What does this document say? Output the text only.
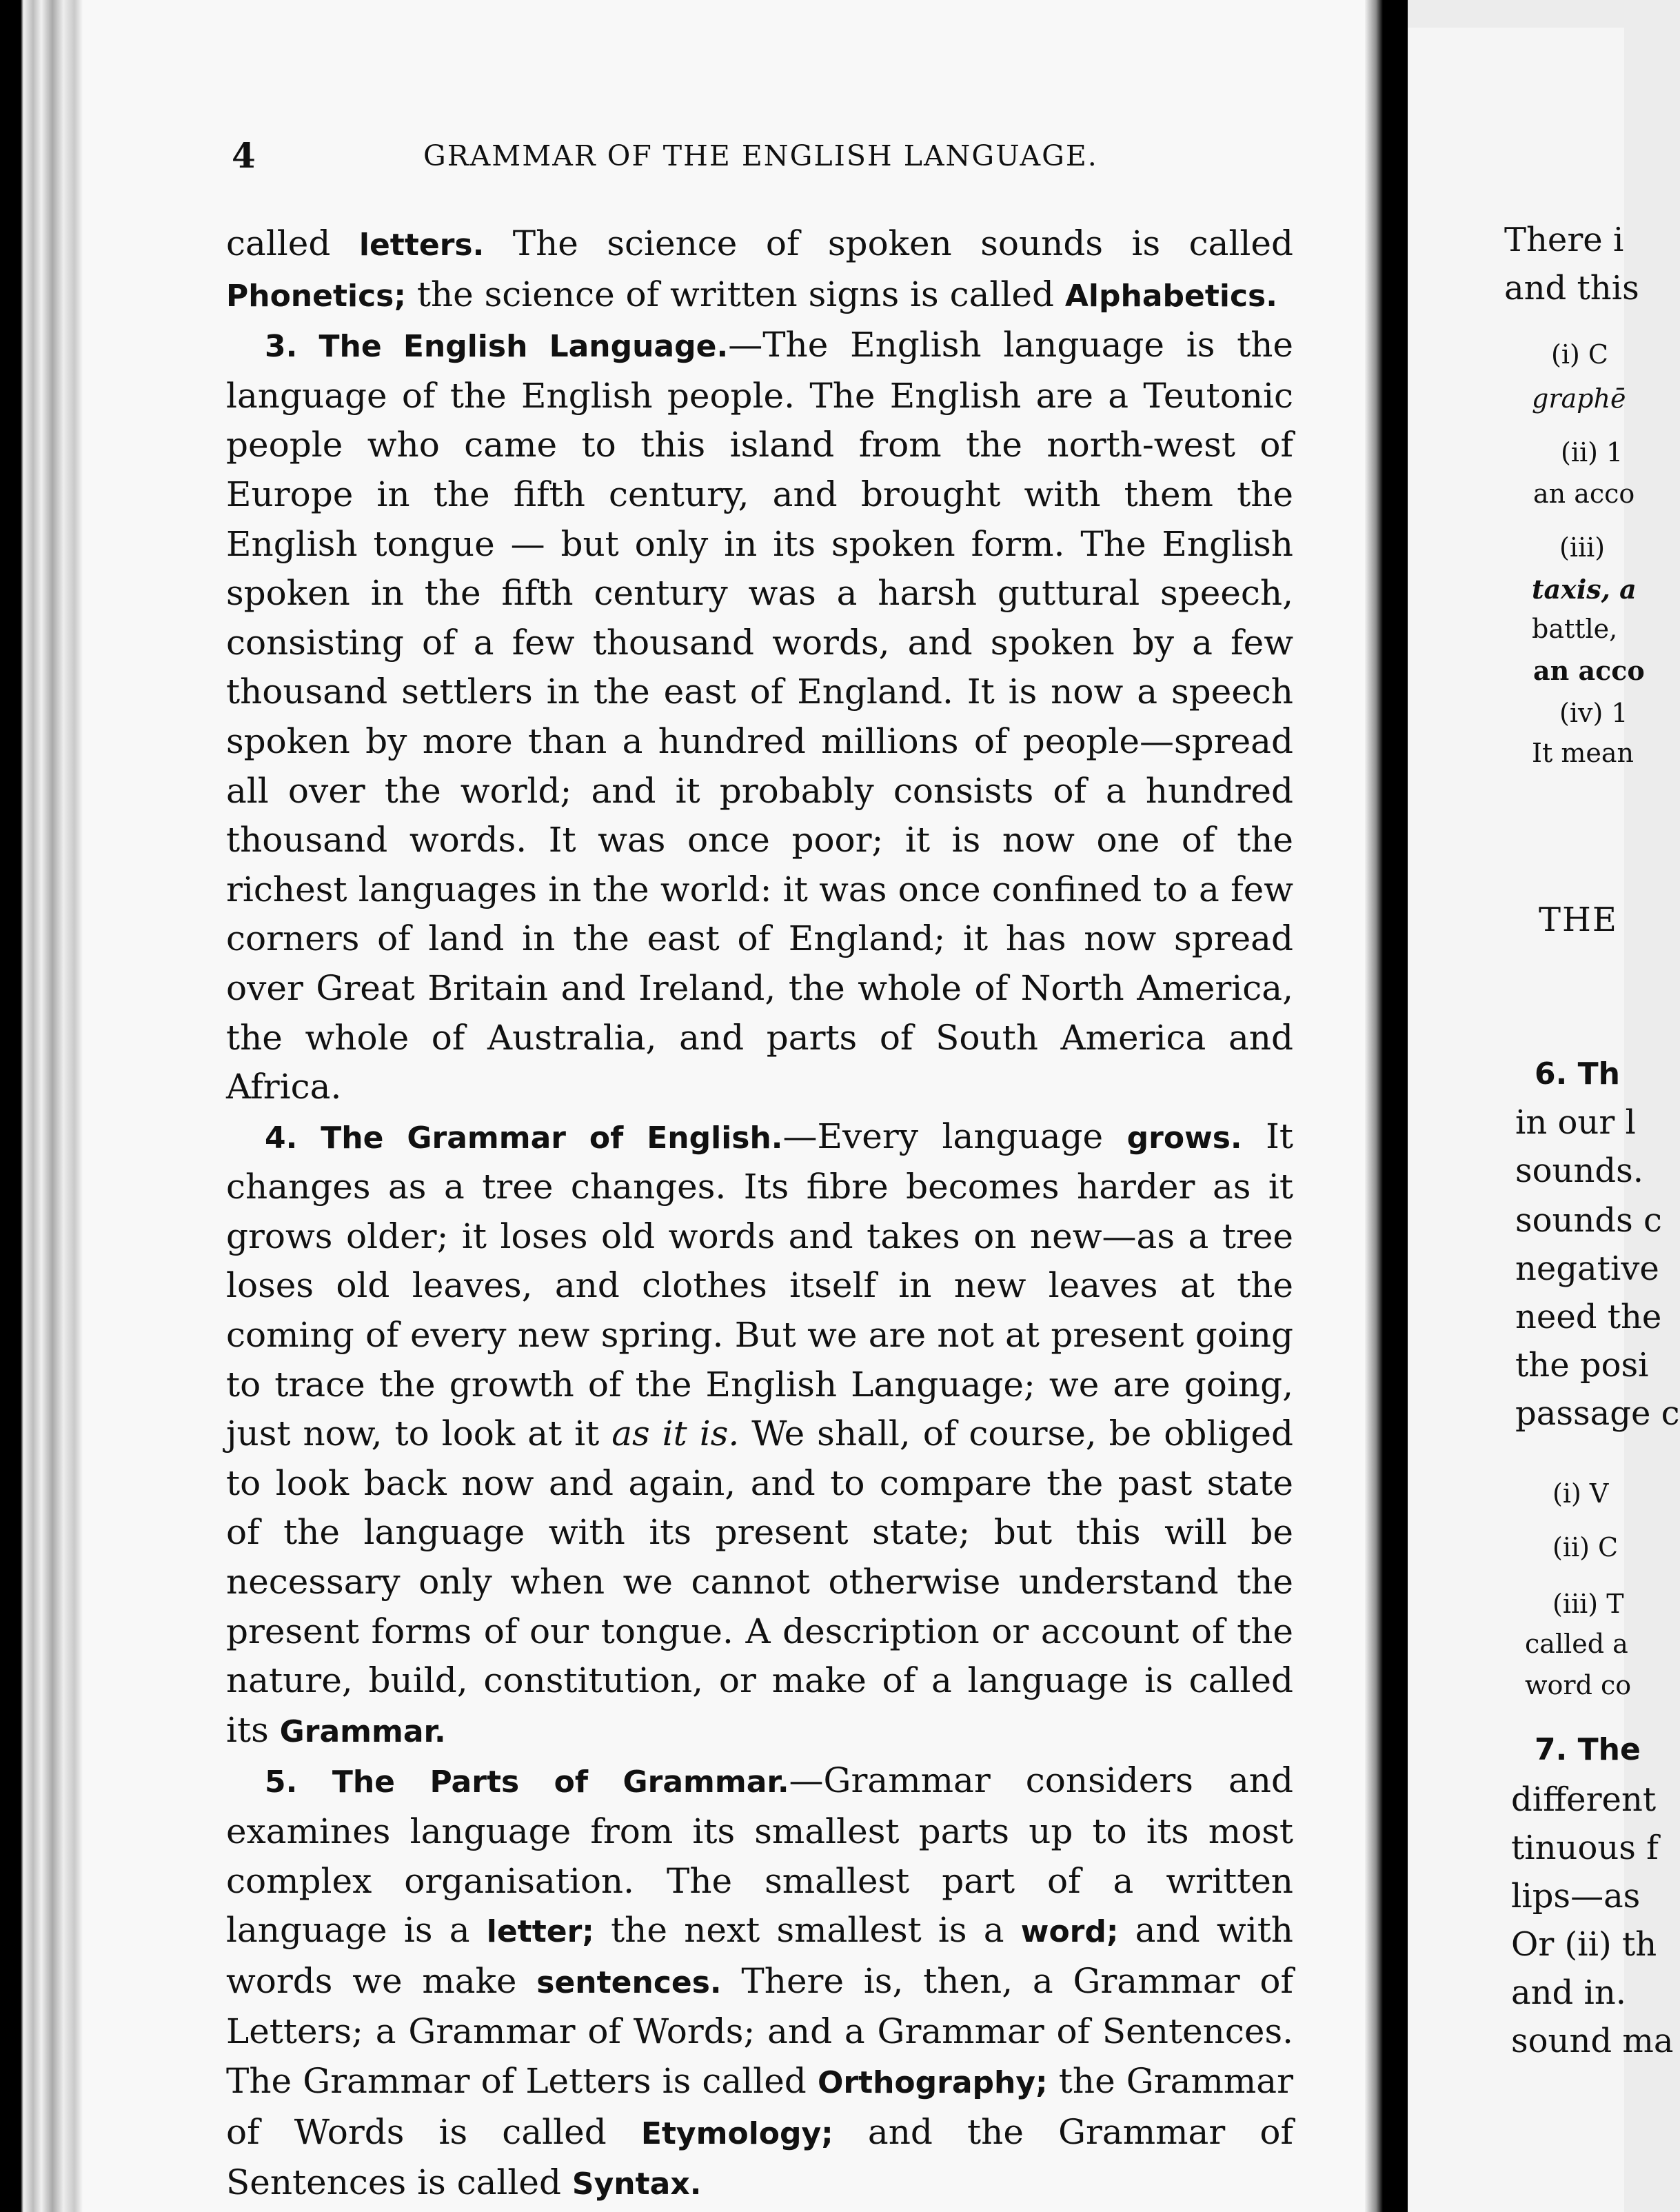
4	GRAMMAR OF THE ENGLISH LANGUAGE.

called letters. The science of spoken sounds is called Phonetics; the science of written signs is called Alphabetics.

3. The English Language.—The English language is the language of the English people. The English are a Teutonic people who came to this island from the north-west of Europe in the fifth century, and brought with them the English tongue — but only in its spoken form. The English spoken in the fifth century was a harsh guttural speech, consisting of a few thousand words, and spoken by a few thousand settlers in the east of England. It is now a speech spoken by more than a hundred millions of people—spread all over the world; and it probably consists of a hundred thousand words. It was once poor; it is now one of the richest languages in the world: it was once confined to a few corners of land in the east of England; it has now spread over Great Britain and Ireland, the whole of North America, the whole of Australia, and parts of South America and Africa.

4. The Grammar of English.—Every language grows. It changes as a tree changes. Its fibre becomes harder as it grows older; it loses old words and takes on new—as a tree loses old leaves, and clothes itself in new leaves at the coming of every new spring. But we are not at present going to trace the growth of the English Language; we are going, just now, to look at it as it is. We shall, of course, be obliged to look back now and again, and to compare the past state of the language with its present state; but this will be necessary only when we cannot otherwise understand the present forms of our tongue. A description or account of the nature, build, constitution, or make of a language is called its Grammar.

5. The Parts of Grammar.—Grammar considers and examines language from its smallest parts up to its most complex organisation. The smallest part of a written language is a letter; the next smallest is a word; and with words we make sentences. There is, then, a Grammar of Letters; a Grammar of Words; and a Grammar of Sentences. The Grammar of Letters is called Orthography; the Grammar of Words is called Etymology; and the Grammar of Sentences is called Syntax.

There i
and this
(i) C
graphē
(ii) 1
an acco
(iii)
taxis, a
battle,
an acco
(iv) 1
It mean
THE
6. Th
in our l
sounds.
sounds c
negative
need the
the posi
passage c
(i) V
(ii) C
(iii) T
called a
word co
7. The
different
tinuous f
lips—as
Or (ii) th
and in.
sound ma
